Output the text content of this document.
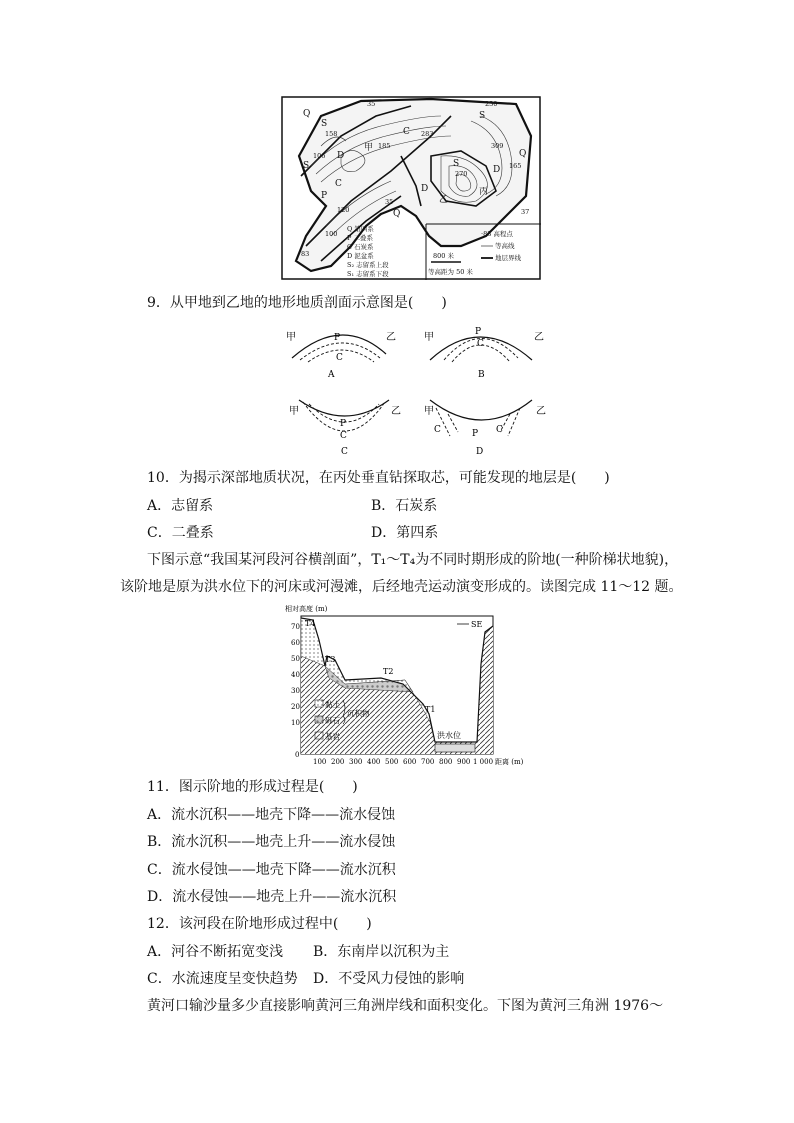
Q
S
D
S
甲
C
P
C
D
Q
S
乙
丙
D
Q
S
35
158
185
106
283
120
100
83
35
230
309
270
165
37
Q 第四系
P 二叠系
C 石炭系
D 泥盆系
S₂ 志留系上段
S₁ 志留系下段
800 米
等高距为 50 米
·83 高程点
等高线
地层界线
9．从甲地到乙地的地形地质剖面示意图是(　　)
甲	乙
P
C
A
甲	乙
P
C
B
甲	乙
P
C
C
甲	乙
C	C
P
D
10．为揭示深部地质状况，在丙处垂直钻探取芯，可能发现的地层是(　　)
A．志留系	B．石炭系
C．二叠系	D．第四系
下图示意“我国某河段河谷横剖面”，T₁～T₄为不同时期形成的阶地(一种阶梯状地貌)，
该阶地是原为洪水位下的河床或河漫滩，后经地壳运动演变形成的。读图完成 11～12 题。
相对高度 (m)
洪水位
T4
T3
T2
T1
SE
黏土
砾石
基岩
沉积物
70
60
50
40
30
20
10
0
100 200 300 400 500 600 700 800 900 1 000 距离 (m)
11．图示阶地的形成过程是(　　)
A．流水沉积——地壳下降——流水侵蚀
B．流水沉积——地壳上升——流水侵蚀
C．流水侵蚀——地壳下降——流水沉积
D．流水侵蚀——地壳上升——流水沉积
12．该河段在阶地形成过程中(　　)
A．河谷不断拓宽变浅 B．东南岸以沉积为主
C．水流速度呈变快趋势 D．不受风力侵蚀的影响
黄河口输沙量多少直接影响黄河三角洲岸线和面积变化。下图为黄河三角洲 1976～
